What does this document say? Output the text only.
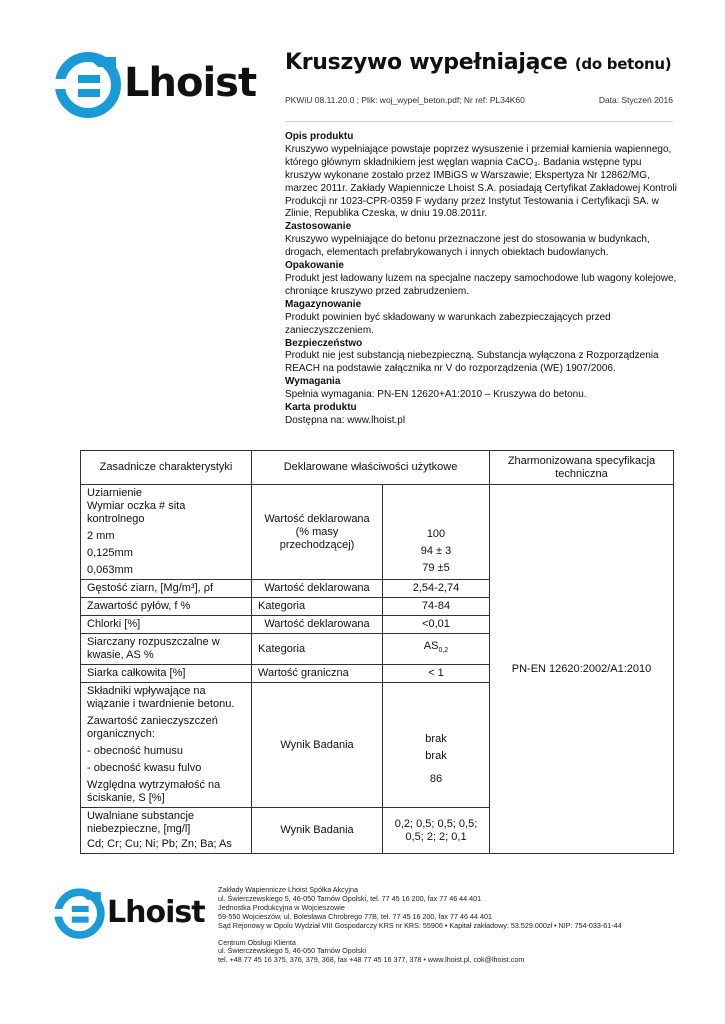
Lhoist Kruszywo wypełniające (do betonu)
PKWiU 08.11.20.0 ; Plik: woj_wypel_beton.pdf; Nr ref: PL34K60	Data: Styczeń 2016

Opis produktu

Kruszywo wypełniające powstaje poprzez wysuszenie i przemiał kamienia wapiennego, którego głównym składnikiem jest węglan wapnia CaCO₃. Badania wstępne typu kruszyw wykonane zostało przez IMBiGS w Warszawie; Ekspertyza Nr 12862/MG, marzec 2011r. Zakłady Wapiennicze Lhoist S.A. posiadają Certyfikat Zakładowej Kontroli Produkcji nr 1023-CPR-0359 F wydany przez Instytut Testowania i Certyfikacji SA. w Zlinie, Republika Czeska, w dniu 19.08.2011r.

Zastosowanie

Kruszywo wypełniające do betonu przeznaczone jest do stosowania w budynkach, drogach, elementach prefabrykowanych i innych obiektach budowlanych.

Opakowanie

Produkt jest ładowany luzem na specjalne naczepy samochodowe lub wagony kolejowe, chroniące kruszywo przed zabrudzeniem.

Magazynowanie

Produkt powinien być składowany w warunkach zabezpieczających przed zanieczyszczeniem.

Bezpieczeństwo

Produkt nie jest substancją niebezpieczną. Substancja wyłączona z Rozporządzenia REACH na podstawie załącznika nr V do rozporządzenia (WE) 1907/2006.

Wymagania

Spełnia wymagania: PN-EN 12620+A1:2010 – Kruszywa do betonu.

Karta produktu

Dostępna na: www.lhoist.pl

Zasadnicze charakterystyki	Deklarowane właściwości użytkowe		Zharmonizowana specyfikacja techniczna

Uziarnienie
Wymiar oczka # sita kontrolnego
2 mm
0,125mm
0,063mm	Wartość deklarowana (% masy przechodzącej)	100
94 ± 3
79 ±5	PN-EN 12620:2002/A1:2010
Gęstość ziarn, [Mg/m³], ρf	Wartość deklarowana	2,54-2,74	
Zawartość pyłów, f %	Kategoria	74-84	
Chlorki [%]	Wartość deklarowana	<0,01	
Siarczany rozpuszczalne w kwasie, AS %	Kategoria	$AS_{0,2}$
Siarka całkowita [%]	Wartość graniczna	< 1	

Składniki wpływające na wiązanie i twardnienie betonu.
Zawartość zanieczyszczeń organicznych:
- obecność humusu
- obecność kwasu fulvo
Względna wytrzymałość na ściskanie, S [%]	Wynik Badania	brak
brak
86	

Uwalniane substancje niebezpieczne, [mg/l]
Cd; Cr; Cu; Ni; Pb; Zn; Ba; As	Wynik Badania	0,2; 0,5; 0,5; 0,5;
0,5; 2; 2; 0,1	
Lhoist
Zakłady Wapiennicze Lhoist Spółka Akcyjna
ul. Świerczewskiego 5, 46-050 Tarnów Opolski, tel. 77 45 16 200, fax 77 46 44 401
Jednostka Produkcyjna w Wojcieszowie
59-550 Wojcieszów, ul. Bolesława Chrobrego 77B, tel. 77 45 16 200, fax 77 46 44 401
Sąd Rejonowy w Opolu Wydział VIII Gospodarczy KRS nr KRS: 55906 • Kapitał zakładowy: 53.529.000zł • NIP: 754-033-61-44
Centrum Obsługi Klienta
ul. Świerczewskiego 5, 46-050 Tarnów Opolski
tel. +48 77 45 16 375, 376, 379, 368, fax +48 77 45 16 377, 378 • www.lhoist.pl, cok@lhoist.com
